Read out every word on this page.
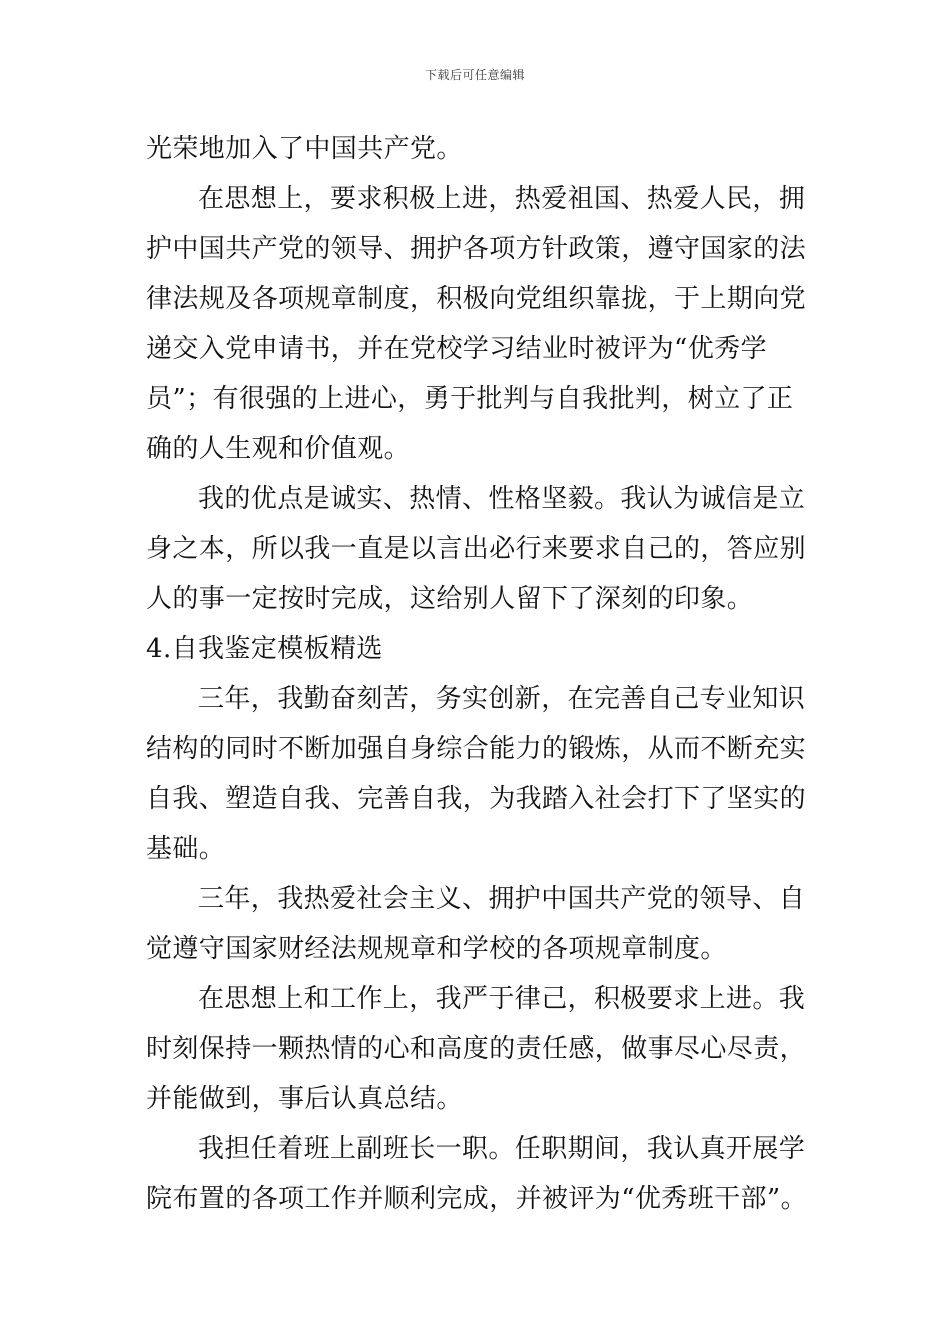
下载后可任意编辑
光荣地加入了中国共产党。
在思想上，要求积极上进，热爱祖国、热爱人民，拥
护中国共产党的领导、拥护各项方针政策，遵守国家的法
律法规及各项规章制度，积极向党组织靠拢，于上期向党
递交入党申请书，并在党校学习结业时被评为“优秀学
员”；有很强的上进心，勇于批判与自我批判，树立了正
确的人生观和价值观。
我的优点是诚实、热情、性格坚毅。我认为诚信是立
身之本，所以我一直是以言出必行来要求自己的，答应别
人的事一定按时完成，这给别人留下了深刻的印象。
4.自我鉴定模板精选
三年，我勤奋刻苦，务实创新，在完善自己专业知识
结构的同时不断加强自身综合能力的锻炼，从而不断充实
自我、塑造自我、完善自我，为我踏入社会打下了坚实的
基础。
三年，我热爱社会主义、拥护中国共产党的领导、自
觉遵守国家财经法规规章和学校的各项规章制度。
在思想上和工作上，我严于律己，积极要求上进。我
时刻保持一颗热情的心和高度的责任感，做事尽心尽责，
并能做到，事后认真总结。
我担任着班上副班长一职。任职期间，我认真开展学
院布置的各项工作并顺利完成，并被评为“优秀班干部”。
